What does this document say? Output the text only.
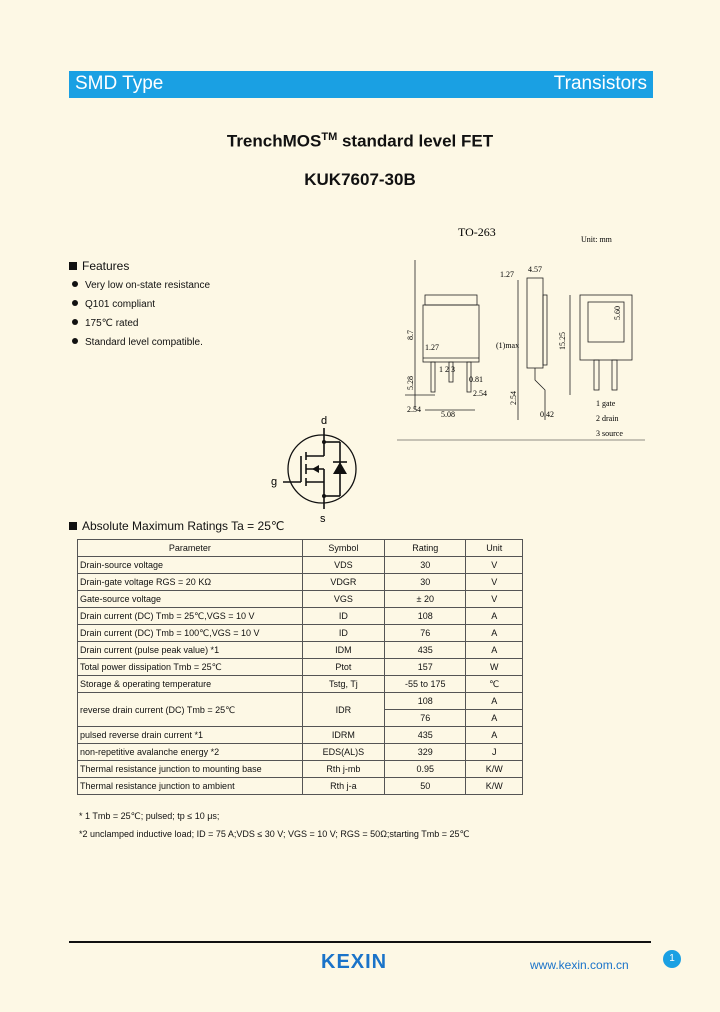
SMD Type	Transistors
TrenchMOS™ standard level FET
KUK7607-30B
Features
Very low on-state resistance
Q101 compliant
175℃ rated
Standard level compatible.
TO-263
Unit: mm
1.27
1.27
4.57
0.81
2.54
2.54
5.08	0.42
(1)max
1 2 3
5.60
15.25
8.7
5.28
2.54	1 gate
2 drain
3 source
d
g
s
Absolute Maximum Ratings Ta = 25℃
Parameter	Symbol	Rating	Unit
Drain-source voltage	VDS	30	V
Drain-gate voltage RGS = 20 KΩ	VDGR	30	V
Gate-source voltage	VGS	± 20	V
Drain current (DC) Tmb = 25℃,VGS = 10 V	ID	108	A
Drain current (DC) Tmb = 100℃,VGS = 10 V	ID	76	A
Drain current (pulse peak value) *1	IDM	435	A
Total power dissipation Tmb = 25℃	Ptot	157	W
Storage & operating temperature	Tstg, Tj	-55 to 175	℃
reverse drain current (DC) Tmb = 25℃	IDR	108	A
		76	A
pulsed reverse drain current *1	IDRM	435	A
non-repetitive avalanche energy *2	EDS(AL)S	329	J
Thermal resistance junction to mounting base	Rth j-mb	0.95	K/W
Thermal resistance junction to ambient	Rth j-a	50	K/W
* 1 Tmb = 25℃; pulsed; tp ≤ 10 μs;
*2 unclamped inductive load; ID = 75 A;VDS ≤ 30 V; VGS = 10 V; RGS = 50Ω;starting Tmb = 25℃
KEXIN	www.kexin.com.cn	1
